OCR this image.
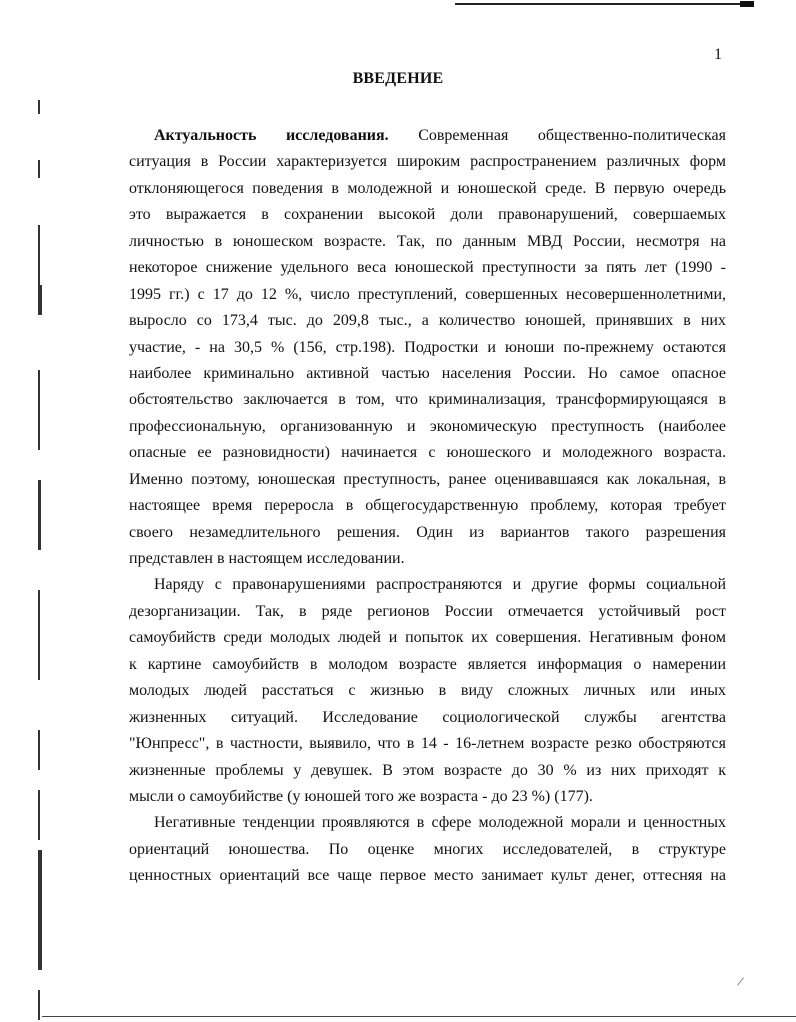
/
1
ВВЕДЕНИЕ
Актуальность исследования. Современная общественно-политическая
ситуация в России характеризуется широким распространением различных форм
отклоняющегося поведения в молодежной и юношеской среде. В первую очередь
это выражается в сохранении высокой доли правонарушений, совершаемых
личностью в юношеском возрасте. Так, по данным МВД России, несмотря на
некоторое снижение удельного веса юношеской преступности за пять лет (1990 -
1995 гг.) с 17 до 12 %, число преступлений, совершенных несовершеннолетними,
выросло со 173,4 тыс. до 209,8 тыс., а количество юношей, принявших в них
участие, - на 30,5 % (156, стр.198). Подростки и юноши по-прежнему остаются
наиболее криминально активной частью населения России. Но самое опасное
обстоятельство заключается в том, что криминализация, трансформирующаяся в
профессиональную, организованную и экономическую преступность (наиболее
опасные ее разновидности) начинается с юношеского и молодежного возраста.
Именно поэтому, юношеская преступность, ранее оценивавшаяся как локальная, в
настоящее время переросла в общегосударственную проблему, которая требует
своего незамедлительного решения. Один из вариантов такого разрешения
представлен в настоящем исследовании.
Наряду с правонарушениями распространяются и другие формы социальной
дезорганизации. Так, в ряде регионов России отмечается устойчивый рост
самоубийств среди молодых людей и попыток их совершения. Негативным фоном
к картине самоубийств в молодом возрасте является информация о намерении
молодых людей расстаться с жизнью в виду сложных личных или иных
жизненных ситуаций. Исследование социологической службы агентства
"Юнпресс", в частности, выявило, что в 14 - 16-летнем возрасте резко обостряются
жизненные проблемы у девушек. В этом возрасте до 30 % из них приходят к
мысли о самоубийстве (у юношей того же возраста - до 23 %) (177).
Негативные тенденции проявляются в сфере молодежной морали и ценностных
ориентаций юношества. По оценке многих исследователей, в структуре
ценностных ориентаций все чаще первое место занимает культ денег, оттесняя на
